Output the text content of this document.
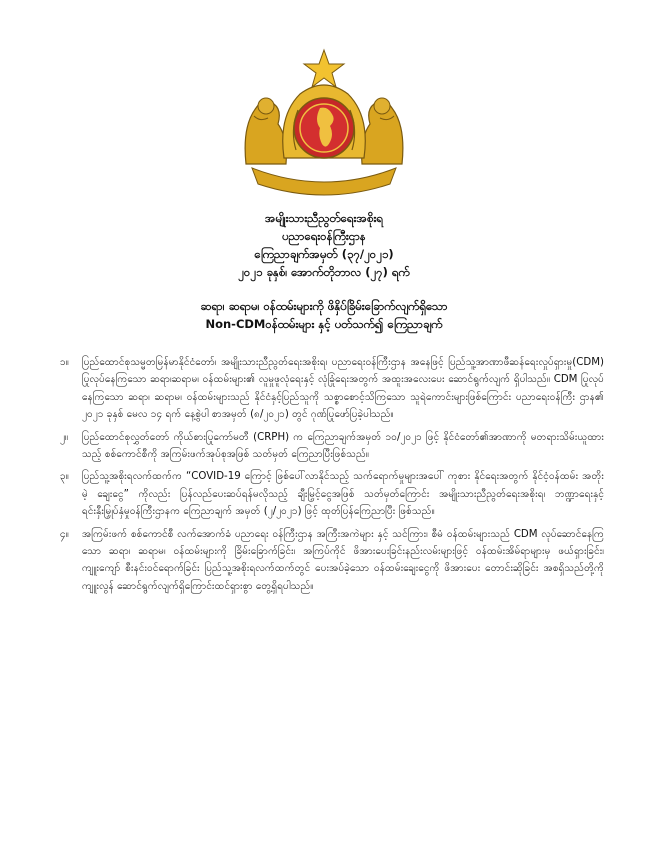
အမျိုးသားညီညွတ်ရေးအစိုးရ
ပညာရေးဝန်ကြီးဌာန
ကြေညာချက်အမှတ် (၃၇/၂၀၂၁)
၂၀၂၁ ခုနှစ်၊ အောက်တိုဘာလ (၂၇) ရက်
ဆရာ၊ ဆရာမ၊ ဝန်ထမ်းများကို ဖိနှိပ်ခြိမ်းခြောက်လျက်ရှိသော
Non-CDMဝန်ထမ်းများ နှင့် ပတ်သက်၍ ကြေညာချက်
၁။ ပြည်ထောင်စုသမ္မတမြန်မာနိုင်ငံတော်၊ အမျိုးသားညီညွတ်ရေးအစိုးရ၊ ပညာရေးဝန်ကြီးဌာန အနေဖြင့် ပြည်သူ့အာဏာဖီဆန်ရေးလှုပ်ရှားမှု(CDM) ပြုလုပ်နေကြသော ဆရာ၊ဆရာမ၊ ဝန်ထမ်းများ၏ လူမှုဖူလုံရေးနှင့် လုံခြုံရေးအတွက် အထူးအလေးပေး ဆောင်ရွက်လျက် ရှိပါသည်။ CDM ပြုလုပ်နေကြသော ဆရာ၊ ဆရာမ၊ ဝန်ထမ်းများသည် နိုင်ငံနှင့်ပြည်သူကို သစ္စာစောင့်သိကြသော သူရဲကောင်းများဖြစ်ကြောင်း ပညာရေးဝန်ကြီး ဌာန၏ ၂၀၂၁ ခုနှစ် မေလ ၁၄ ရက် နေ့စွဲပါ စာအမှတ် (၈/၂၀၂၁) တွင် ဂုဏ်ပြုဖော်ပြခဲ့ပါသည်။
၂။ ပြည်ထောင်စုလွှတ်တော် ကိုယ်စားပြုကော်မတီ (CRPH) က ကြေညာချက်အမှတ် ၁၀/၂၀၂၁ ဖြင့် နိုင်ငံတော်၏အာဏာကို မတရားသိမ်းယူထားသည့် စစ်ကောင်စီကို အကြမ်းဖက်အုပ်စုအဖြစ် သတ်မှတ် ကြေညာပြီးဖြစ်သည်။
၃။ ပြည်သူ့အစိုးရလက်ထက်က “COVID-19 ကြောင့် ဖြစ်ပေါ်လာနိုင်သည့် သက်ရောက်မှုများအပေါ် ကုစား နိုင်ရေးအတွက် နိုင်ငံ့ဝန်ထမ်း အတိုးမဲ့ ချေးငွေ” ကိုလည်း ပြန်လည်ပေးဆပ်ရန်မလိုသည့် ချီးမြှင့်ငွေအဖြစ် သတ်မှတ်ကြောင်း အမျိုးသားညီညွတ်ရေးအစိုးရ၊ ဘဏ္ဍာရေးနှင့် ရင်းနှီးမြှုပ်နှံမှုဝန်ကြီးဌာနက ကြေညာချက် အမှတ် (၂/၂၀၂၁) ဖြင့် ထုတ်ပြန်ကြေညာပြီး ဖြစ်သည်။
၄။ အကြမ်းဖက် စစ်ကောင်စီ လက်အောက်ခံ ပညာရေး ဝန်ကြီးဌာန အကြီးအကဲများ နှင့် သင်ကြား၊ စီမံ ဝန်ထမ်းများသည် CDM လုပ်ဆောင်နေကြသော ဆရာ၊ ဆရာမ၊ ဝန်ထမ်းများကို ခြိမ်းခြောက်ခြင်း၊ အကြပ်ကိုင် ဖိအားပေးခြင်းနည်းလမ်းများဖြင့် ဝန်ထမ်းအိမ်ရာများမှ ဖယ်ရှားခြင်း၊ ကျူးကျော် စီးနင်းဝင်ရောက်ခြင်း ပြည်သူ့အစိုးရလက်ထက်တွင် ပေးအပ်ခဲ့သော ဝန်ထမ်းချေးငွေကို ဖိအားပေး တောင်းဆိုခြင်း အစရှိသည်တို့ကို ကျူးလွန် ဆောင်ရွက်လျက်ရှိကြောင်းထင်ရှားစွာ တွေ့ရှိရပါသည်။
